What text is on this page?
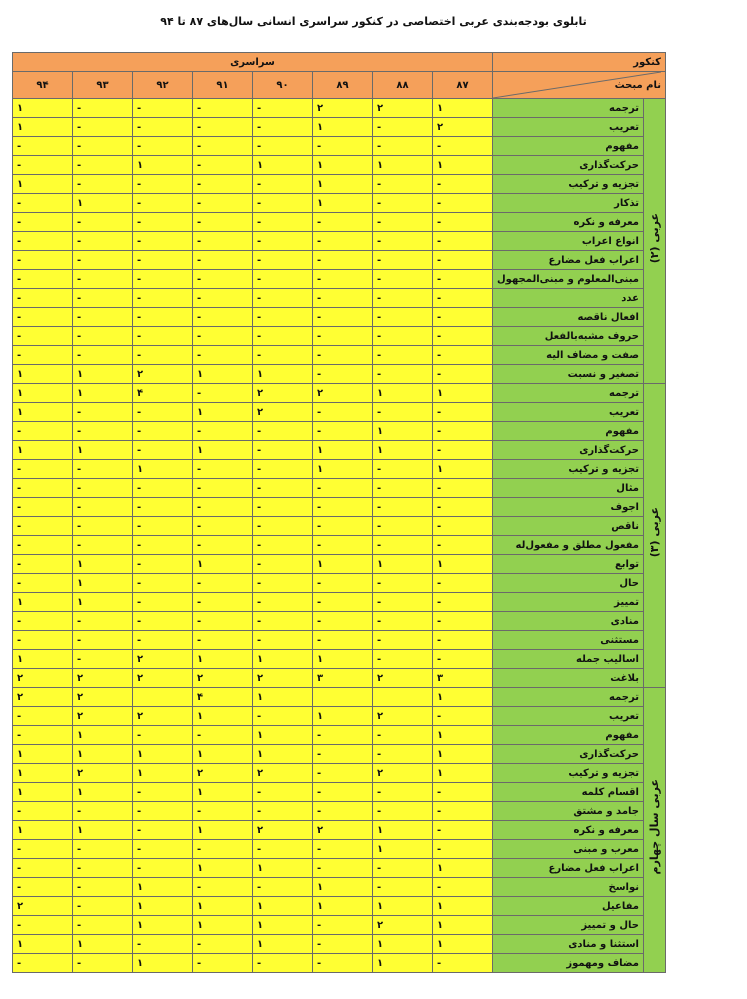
تابلوی بودجه‌بندی عربی اختصاصی در کنکور سراسری انسانی سال‌های ۸۷ تا ۹۴
کنکور		سراسری							

نام مبحث		۸۷	۸۸	۸۹	۹۰	۹۱	۹۲	۹۳	۹۴
عربی (۲)	ترجمه	۱	۲	۲	-	-	-	-	۱
	تعریب	۲	-	۱	-	-	-	-	۱
	مفهوم	-	-	-	-	-	-	-	-
	حرکت‌گذاری	۱	۱	۱	۱	-	۱	-	-
	تجزیه و ترکیب	-	-	۱	-	-	-	-	۱
	تذکار	-	-	۱	-	-	-	۱	-
	معرفه و نکره	-	-	-	-	-	-	-	-
	انواع اعراب	-	-	-	-	-	-	-	-
	اعراب فعل مضارع	-	-	-	-	-	-	-	-
	مبنی‌المعلوم و مبنی‌المجهول	-	-	-	-	-	-	-	-
	عدد	-	-	-	-	-	-	-	-
	افعال ناقصه	-	-	-	-	-	-	-	-
	حروف مشبه‌بالفعل	-	-	-	-	-	-	-	-
	صفت و مضاف الیه	-	-	-	-	-	-	-	-
	تصغیر و نسبت	-	-	-	۱	۱	۲	۱	۱
عربی (۳)	ترجمه	۱	۱	۲	۲	-	۴	۱	۱
	تعریب	-	-	-	۲	۱	-	-	۱
	مفهوم	-	۱	-	-	-	-	-	-
	حرکت‌گذاری	-	۱	۱	-	۱	-	۱	۱
	تجزیه و ترکیب	۱	-	۱	-	-	۱	-	-
	مثال	-	-	-	-	-	-	-	-
	اجوف	-	-	-	-	-	-	-	-
	ناقص	-	-	-	-	-	-	-	-
	مفعول مطلق و مفعول‌له	-	-	-	-	-	-	-	-
	توابع	۱	۱	۱	-	۱	-	۱	-
	حال	-	-	-	-	-	-	۱	-
	تمییز	-	-	-	-	-	-	۱	۱
	منادی	-	-	-	-	-	-	-	-
	مستثنی	-	-	-	-	-	-	-	-
	اسالیب جمله	-	-	۱	۱	۱	۲	-	۱
	بلاغت	۳	۲	۳	۲	۲	۲	۲	۲
عربی سال چهارم	ترجمه	۱			۱	۴		۲	۲
	تعریب	-	۲	۱	-	۱	۲	۲	-
	مفهوم	۱	-	-	۱	-	-	۱	-
	حرکت‌گذاری	۱	-	-	۱	۱	۱	۱	۱
	تجزیه و ترکیب	۱	۲	-	۲	۲	۱	۲	۱
	اقسام کلمه	-	-	-	-	۱	-	۱	۱
	جامد و مشتق	-	-	-	-	-	-	-	-
	معرفه و نکره	-	۱	۲	۲	۱	-	۱	۱
	معرب و مبنی	-	۱	-	-	-	-	-	-
	اعراب فعل مضارع	۱	-	-	۱	۱	-	-	-
	نواسخ	-	-	۱	-	-	۱	-	-
	مفاعیل	۱	۱	۱	۱	۱	۱	-	۲
	حال و تمییز	۱	۲	-	۱	۱	۱	-	-
	استثنا و منادی	۱	۱	-	۱	-	-	۱	۱
	مضاف ومهموز	-	۱	-	-	-	۱	-	-
